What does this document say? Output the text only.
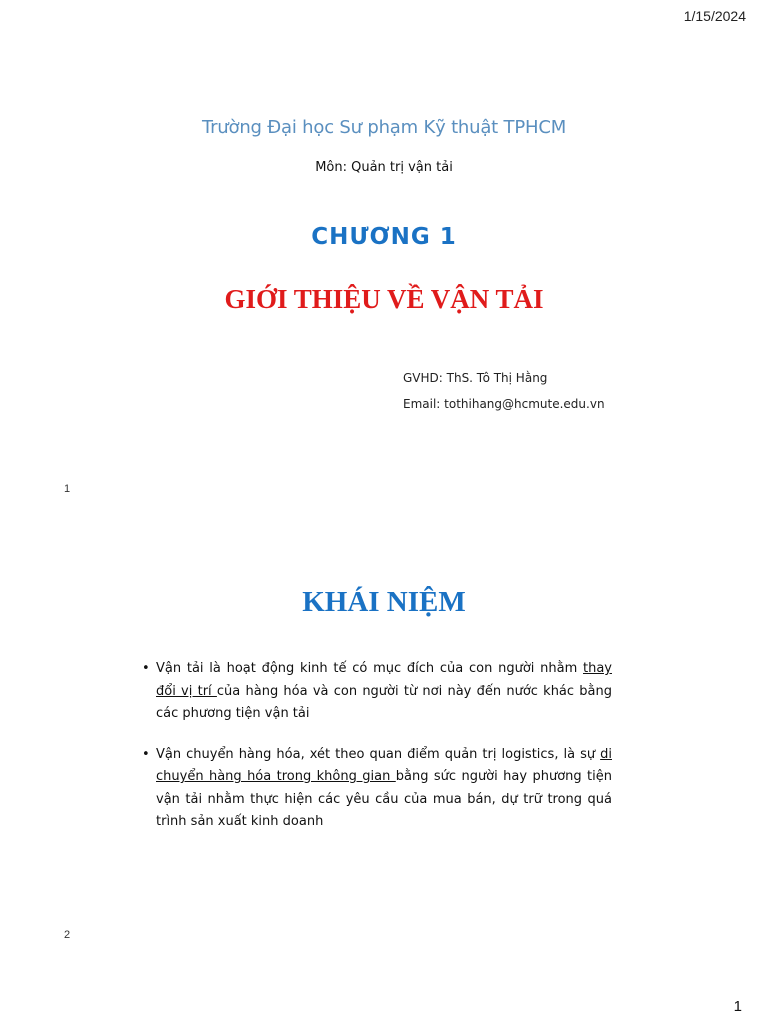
1/15/2024
Trường Đại học Sư phạm Kỹ thuật TPHCM
Môn: Quản trị vận tải
CHƯƠNG 1
GIỚI THIỆU VỀ VẬN TẢI
GVHD: ThS. Tô Thị Hằng
Email: tothihang@hcmute.edu.vn
1
KHÁI NIỆM
• Vận tải là hoạt động kinh tế có mục đích của con người nhằm thay đổi vị trí của hàng hóa và con người từ nơi này đến nước khác bằng các phương tiện vận tải
• Vận chuyển hàng hóa, xét theo quan điểm quản trị logistics, là sự di chuyển hàng hóa trong không gian bằng sức người hay phương tiện vận tải nhằm thực hiện các yêu cầu của mua bán, dự trữ trong quá trình sản xuất kinh doanh
2
1
